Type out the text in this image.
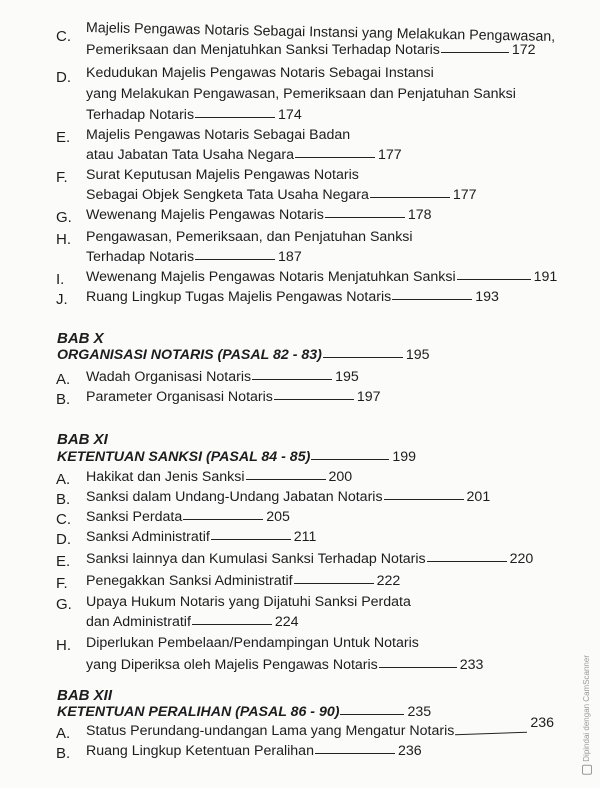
C. Majelis Pengawas Notaris Sebagai Instansi yang Melakukan Pengawasan,
Pemeriksaan dan Menjatuhkan Sanksi Terhadap Notaris	172
D. Kedudukan Majelis Pengawas Notaris Sebagai Instansi
yang Melakukan Pengawasan, Pemeriksaan dan Penjatuhan Sanksi
Terhadap Notaris	174
E. Majelis Pengawas Notaris Sebagai Badan
atau Jabatan Tata Usaha Negara	177
F. Surat Keputusan Majelis Pengawas Notaris
Sebagai Objek Sengketa Tata Usaha Negara	177
G. Wewenang Majelis Pengawas Notaris	178
H. Pengawasan, Pemeriksaan, dan Penjatuhan Sanksi
Terhadap Notaris	187
I. Wewenang Majelis Pengawas Notaris Menjatuhkan Sanksi	191
J. Ruang Lingkup Tugas Majelis Pengawas Notaris	193
BAB X
ORGANISASI NOTARIS (PASAL 82 - 83)	195
A. Wadah Organisasi Notaris	195
B. Parameter Organisasi Notaris	197
BAB XI
KETENTUAN SANKSI (PASAL 84 - 85)	199
A. Hakikat dan Jenis Sanksi	200
B. Sanksi dalam Undang-Undang Jabatan Notaris	201
C. Sanksi Perdata	205
D. Sanksi Administratif	211
E. Sanksi lainnya dan Kumulasi Sanksi Terhadap Notaris	220
F. Penegakkan Sanksi Administratif	222
G. Upaya Hukum Notaris yang Dijatuhi Sanksi Perdata
dan Administratif	224
H. Diperlukan Pembelaan/Pendampingan Untuk Notaris
yang Diperiksa oleh Majelis Pengawas Notaris	233
BAB XII
KETENTUAN PERALIHAN (PASAL 86 - 90)	235
A. Status Perundang-undangan Lama yang Mengatur Notaris	236
B. Ruang Lingkup Ketentuan Peralihan	236	Dipindai dengan CamScanner
